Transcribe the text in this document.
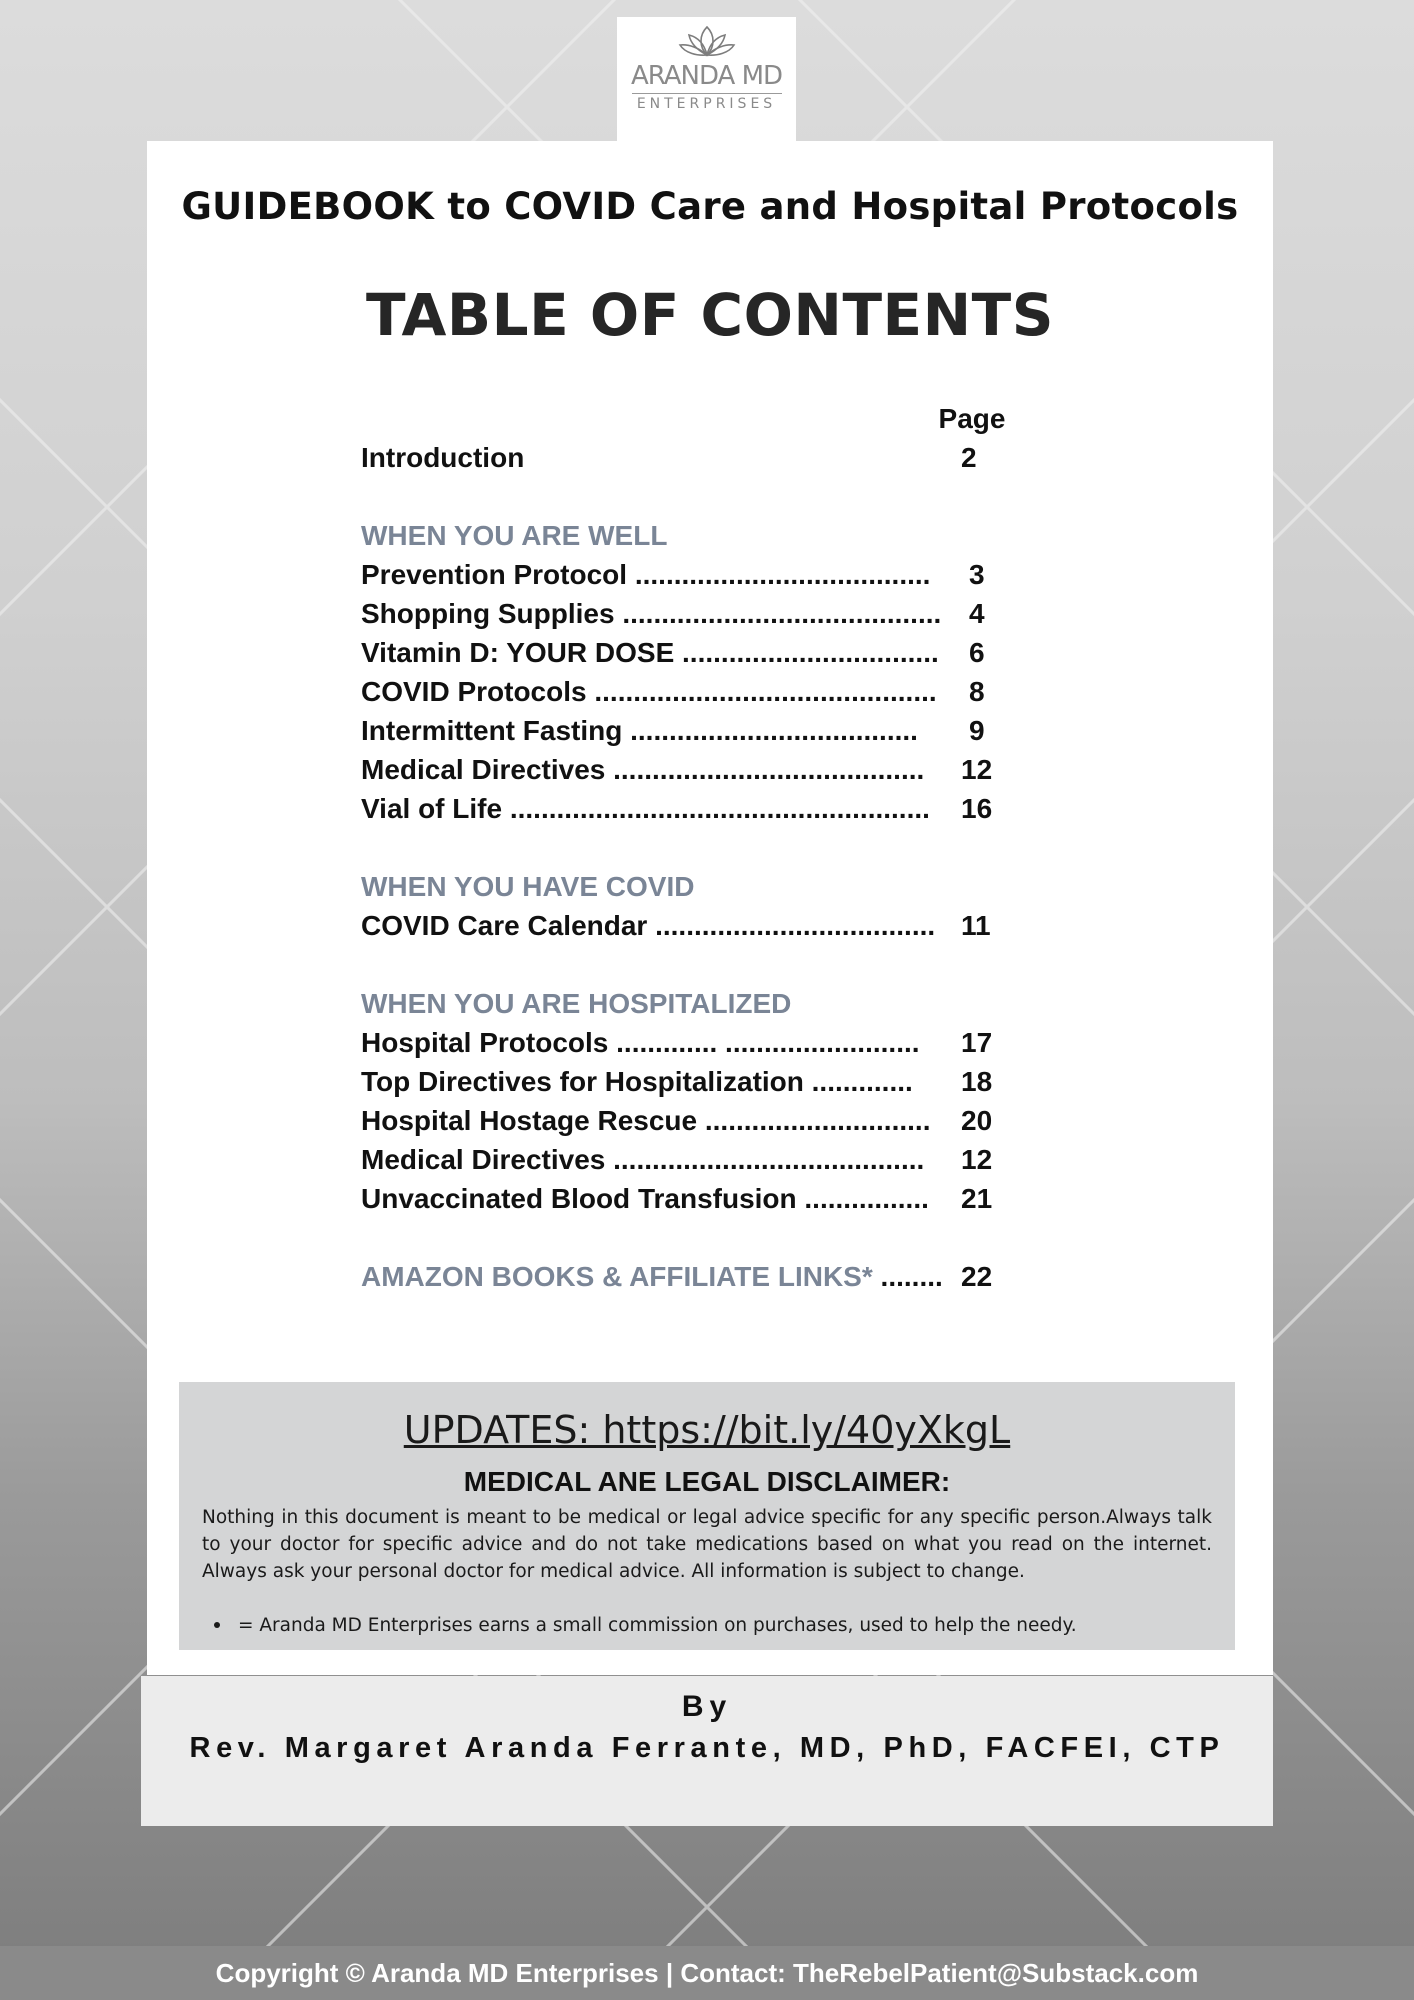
ARANDA MD
ENTERPRISES
GUIDEBOOK to COVID Care and Hospital Protocols
TABLE OF CONTENTS
Page
Introduction	2
WHEN YOU ARE WELL
Prevention Protocol ...................................... 3
Shopping Supplies ......................................... 4
Vitamin D: YOUR DOSE ................................. 6
COVID Protocols ............................................ 8
Intermittent Fasting ..................................... 9
Medical Directives ........................................ 12
Vial of Life ...................................................... 16
WHEN YOU HAVE COVID
COVID Care Calendar .................................... 11
WHEN YOU ARE HOSPITALIZED
Hospital Protocols ............. ......................... 17
Top Directives for Hospitalization ............. 18
Hospital Hostage Rescue ............................. 20
Medical Directives ........................................ 12
Unvaccinated Blood Transfusion ................ 21
AMAZON BOOKS & AFFILIATE LINKS* ........ 22
UPDATES: https://bit.ly/40yXkgL
MEDICAL ANE LEGAL DISCLAIMER:
Nothing in this document is meant to be medical or legal advice specific for any specific person.Always talk to your doctor for specific advice and do not take medications based on what you read on the internet. Always ask your personal doctor for medical advice. All information is subject to change.
= Aranda MD Enterprises earns a small commission on purchases, used to help the needy.
By
Rev. Margaret Aranda Ferrante, MD, PhD, FACFEI, CTP
Copyright © Aranda MD Enterprises | Contact: TheRebelPatient@Substack.com
